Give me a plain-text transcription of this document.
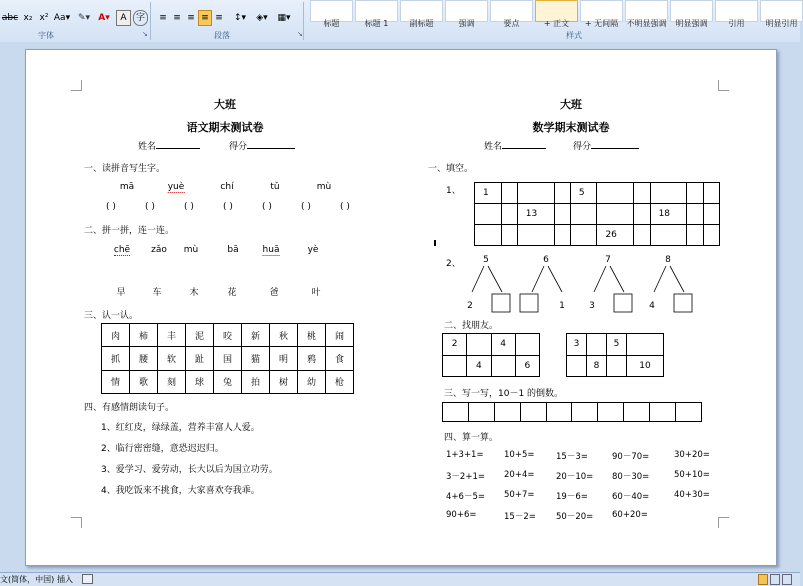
abc x₂ x² Aa▾ ✎▾ A▾	A	字	≡ ≡ ≡ ≡ ≡	↕▾	◈▾	▦▾
字体	↘	段落	↘
标题	标题 1	副标题	强调	要点	+ 正文	+ 无间隔	不明显强调	明显强调	引用	明显引用
样式
大班
语文期末测试卷
姓名	得分
一、读拼音写生字。
二、拼一拼，连一连。
三、认一认。
肉	柿	丰	泥	咬	新	秋	桃	闹
抓	腰	软	趾	国	猫	明	鸦	食
情	歌	刻	球	兔	拍	树	幼	枪
四、有感情朗读句子。
大班
数学期末测试卷
姓名	得分
一、填空。
1、 1				5					
		13					18		
					26				
2、 5
2
6
1
7
3
8
4
二、找朋友。
2		4	
	4		6
3		5	
	8		10
三、写一写，10－1 的倒数。

四、算一算。
mā	yuè	chí	tǔ	mù
( )	( )	( )	( )	( )	( )	( )
chē zǎo mù	bā	huā	yè
早	车	木	花	爸	叶
1、红红皮，绿绿盖，营养丰富人人爱。
2、临行密密缝，意恐迟迟归。
3、爱学习、爱劳动，长大以后为国立功劳。
4、我吃饭来不挑食，大家喜欢夸我乖。
1+3+1= 10+5=	15－3=	90－70=	30+20=
3－2+1= 20+4=	20－10= 80－30=	50+10=
4+6－5= 50+7=	19－6=	60－40=	40+30=
90+6=	15－2= 50－20= 60+20=
文(简体，中国) 插入
